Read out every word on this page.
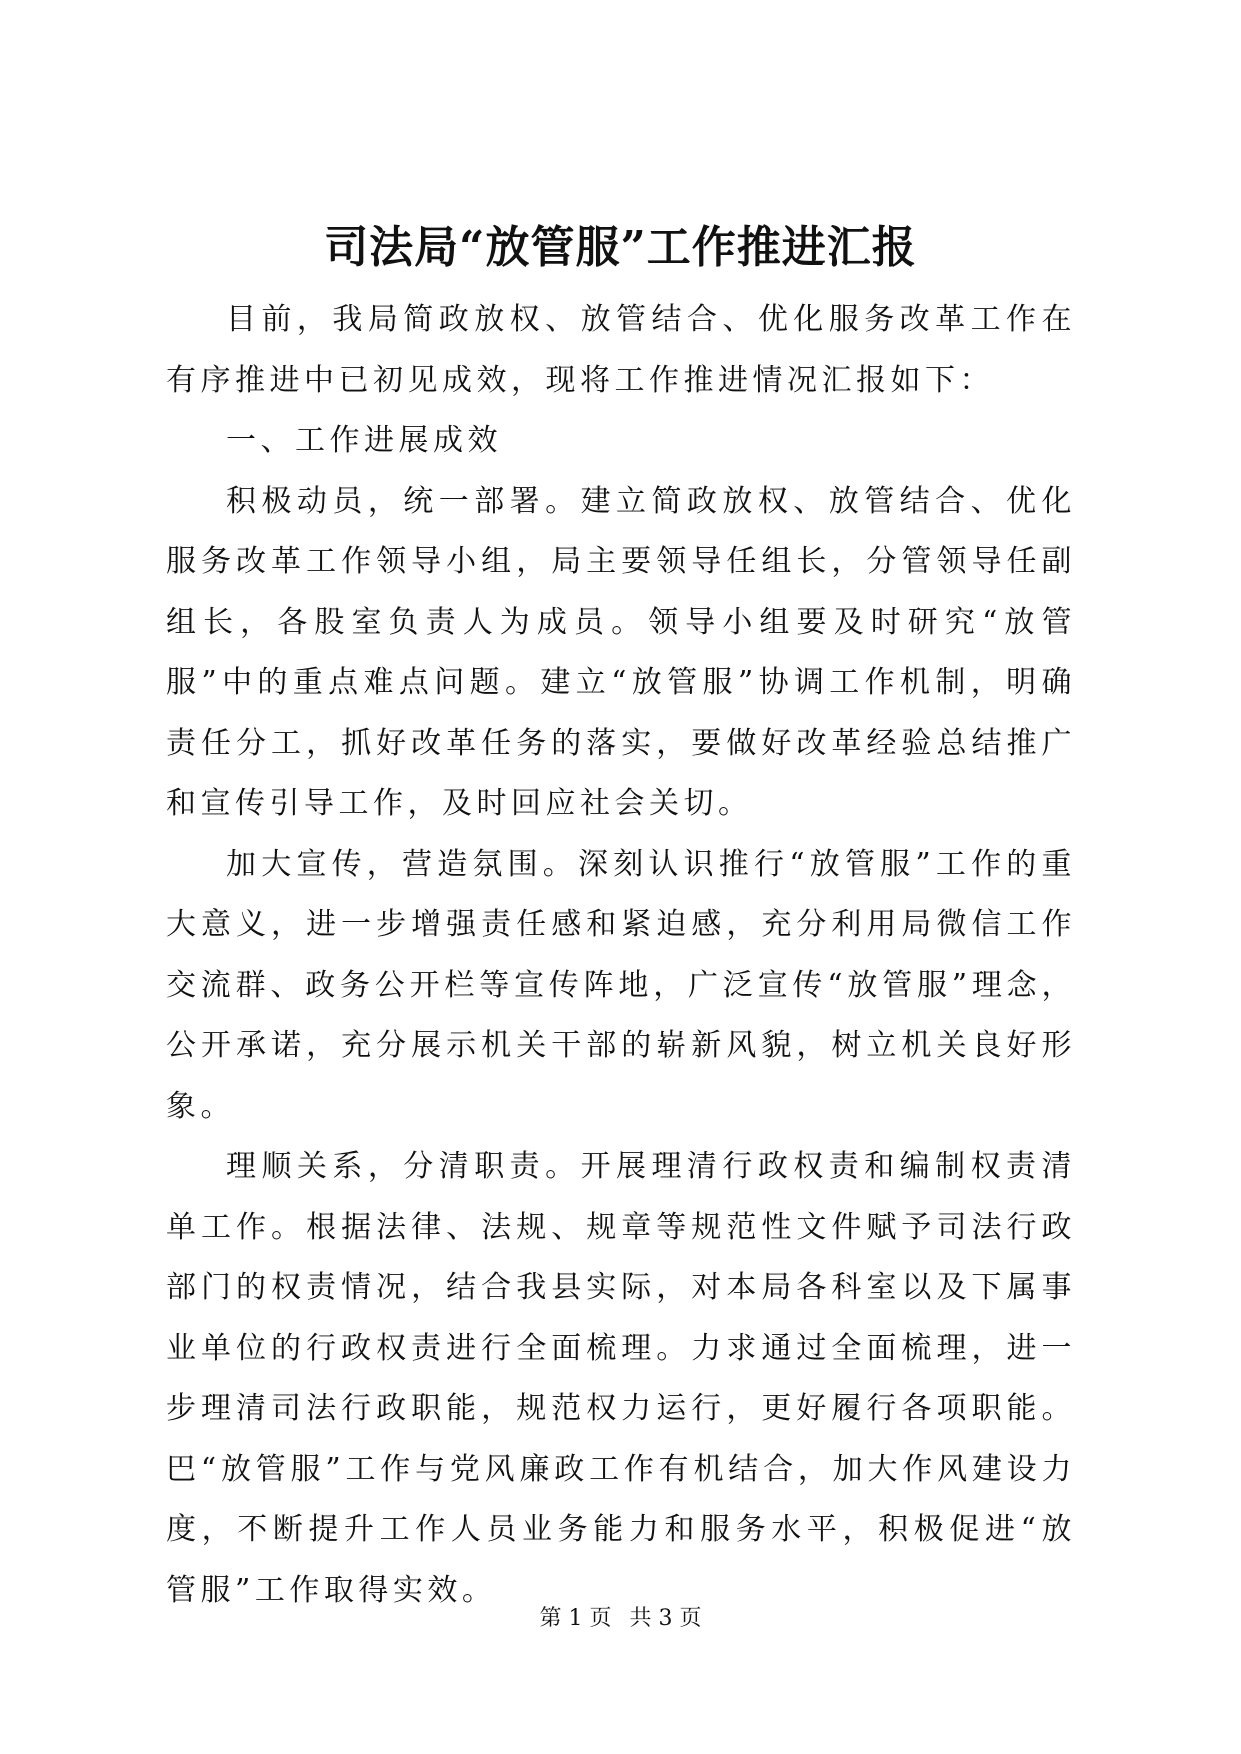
司法局“放管服”工作推进汇报

目前，我局简政放权、放管结合、优化服务改革工作在有序推进中已初见成效，现将工作推进情况汇报如下：

一、工作进展成效

积极动员，统一部署。建立简政放权、放管结合、优化服务改革工作领导小组，局主要领导任组长，分管领导任副组长，各股室负责人为成员。领导小组要及时研究“放管服”中的重点难点问题。建立“放管服”协调工作机制，明确责任分工，抓好改革任务的落实，要做好改革经验总结推广和宣传引导工作，及时回应社会关切。

加大宣传，营造氛围。深刻认识推行“放管服”工作的重大意义，进一步增强责任感和紧迫感，充分利用局微信工作交流群、政务公开栏等宣传阵地，广泛宣传“放管服”理念，公开承诺，充分展示机关干部的崭新风貌，树立机关良好形象。

理顺关系，分清职责。开展理清行政权责和编制权责清单工作。根据法律、法规、规章等规范性文件赋予司法行政部门的权责情况，结合我县实际，对本局各科室以及下属事业单位的行政权责进行全面梳理。力求通过全面梳理，进一步理清司法行政职能，规范权力运行，更好履行各项职能。巴“放管服”工作与党风廉政工作有机结合，加大作风建设力度，不断提升工作人员业务能力和服务水平，积极促进“放管服”工作取得实效。

第 1 页 共 3 页
